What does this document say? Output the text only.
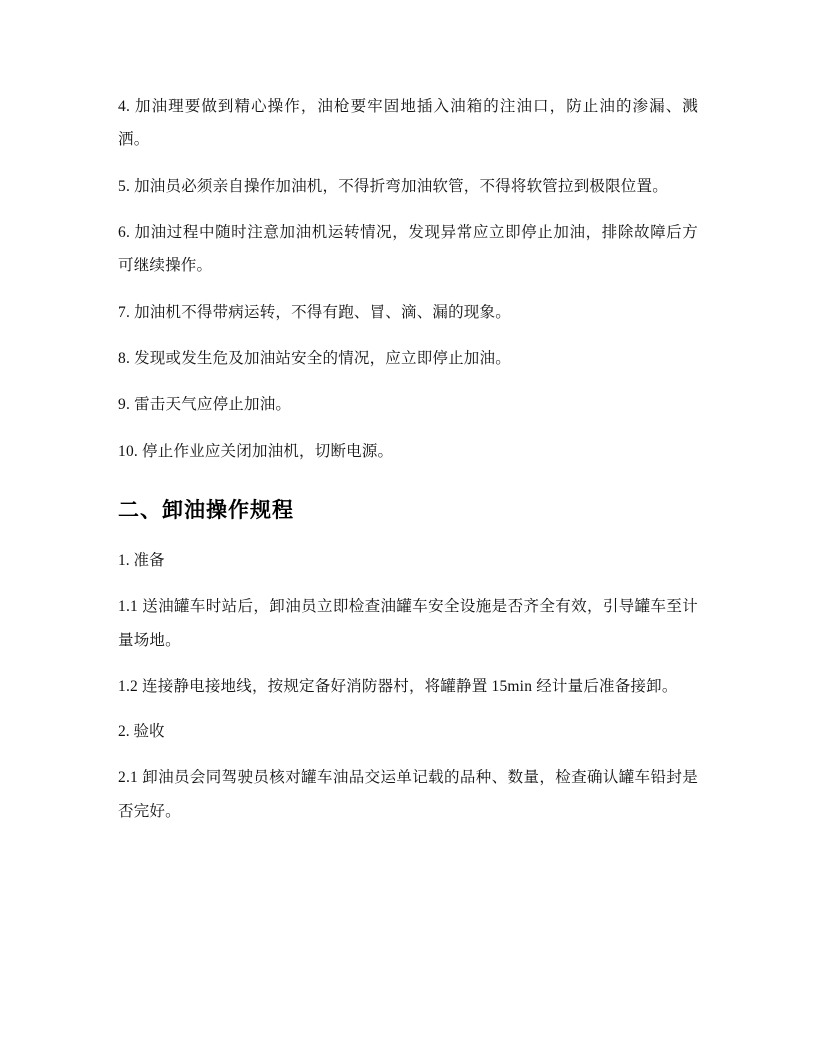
4. 加油理要做到精心操作，油枪要牢固地插入油箱的注油口，防止油的渗漏、溅洒。

5. 加油员必须亲自操作加油机，不得折弯加油软管，不得将软管拉到极限位置。

6. 加油过程中随时注意加油机运转情况，发现异常应立即停止加油，排除故障后方可继续操作。

7. 加油机不得带病运转，不得有跑、冒、滴、漏的现象。

8. 发现或发生危及加油站安全的情况，应立即停止加油。

9. 雷击天气应停止加油。

10. 停止作业应关闭加油机，切断电源。

二、卸油操作规程

1. 准备

1.1 送油罐车时站后，卸油员立即检查油罐车安全设施是否齐全有效，引导罐车至计量场地。

1.2 连接静电接地线，按规定备好消防器村，将罐静置 15min 经计量后准备接卸。

2. 验收

2.1 卸油员会同驾驶员核对罐车油品交运单记载的品种、数量，检查确认罐车铅封是否完好。
